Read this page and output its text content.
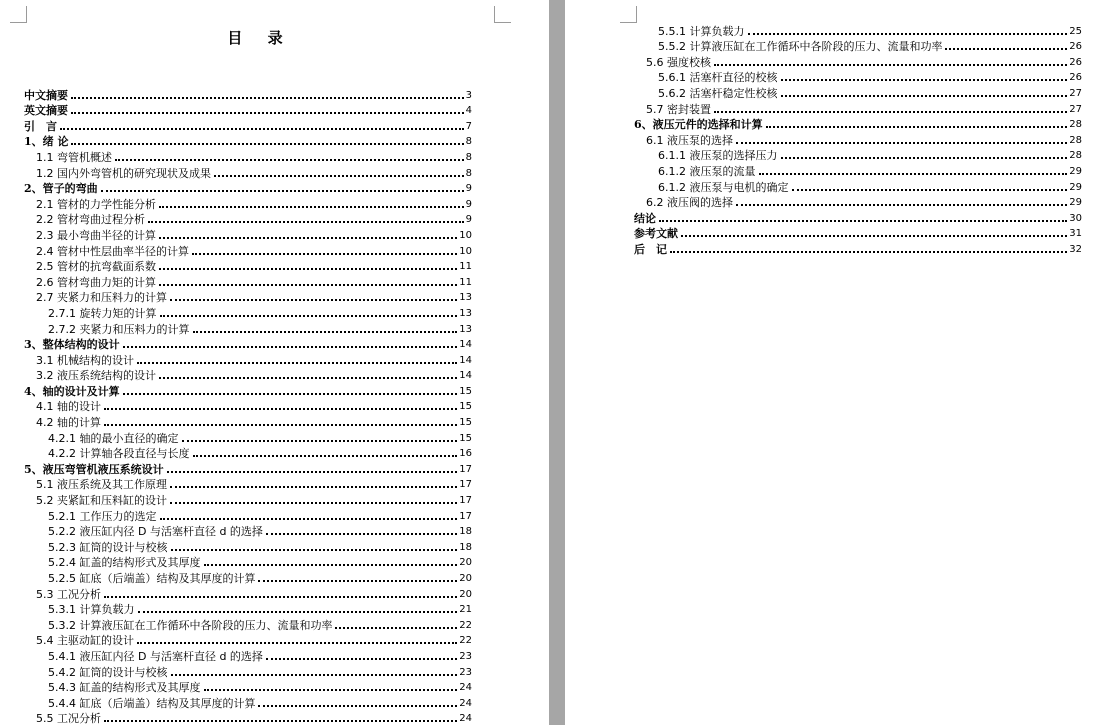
目 录
中文摘要	3
英文摘要	4
引　言	7
1、绪 论	8
1.1 弯管机概述	8
1.2 国内外弯管机的研究现状及成果	8
2、管子的弯曲	9
2.1 管材的力学性能分析	9
2.2 管材弯曲过程分析	9
2.3 最小弯曲半径的计算	10
2.4 管材中性层曲率半径的计算	10
2.5 管材的抗弯截面系数	11
2.6 管材弯曲力矩的计算	11
2.7 夹紧力和压料力的计算	13
2.7.1 旋转力矩的计算	13
2.7.2 夹紧力和压料力的计算	13
3、整体结构的设计	14
3.1 机械结构的设计	14
3.2 液压系统结构的设计	14
4、轴的设计及计算	15
4.1 轴的设计	15
4.2 轴的计算	15
4.2.1 轴的最小直径的确定	15
4.2.2 计算轴各段直径与长度	16
5、液压弯管机液压系统设计	17
5.1 液压系统及其工作原理	17
5.2 夹紧缸和压料缸的设计	17
5.2.1 工作压力的选定	17
5.2.2 液压缸内径 D 与活塞杆直径 d 的选择	18
5.2.3 缸筒的设计与校核	18
5.2.4 缸盖的结构形式及其厚度	20
5.2.5 缸底（后端盖）结构及其厚度的计算	20
5.3 工况分析	20
5.3.1 计算负载力	21
5.3.2 计算液压缸在工作循环中各阶段的压力、流量和功率	22
5.4 主驱动缸的设计	22
5.4.1 液压缸内径 D 与活塞杆直径 d 的选择	23
5.4.2 缸筒的设计与校核	23
5.4.3 缸盖的结构形式及其厚度	24
5.4.4 缸底（后端盖）结构及其厚度的计算	24
5.5 工况分析	24
5.5.1 计算负载力	25
5.5.2 计算液压缸在工作循环中各阶段的压力、流量和功率	26
5.6 强度校核	26
5.6.1 活塞杆直径的校核	26
5.6.2 活塞杆稳定性校核	27
5.7 密封装置	27
6、液压元件的选择和计算	28
6.1 液压泵的选择	28
6.1.1 液压泵的选择压力	28
6.1.2 液压泵的流量	29
6.1.2 液压泵与电机的确定	29
6.2 液压阀的选择	29
结论	30
参考文献	31
后　记	32
